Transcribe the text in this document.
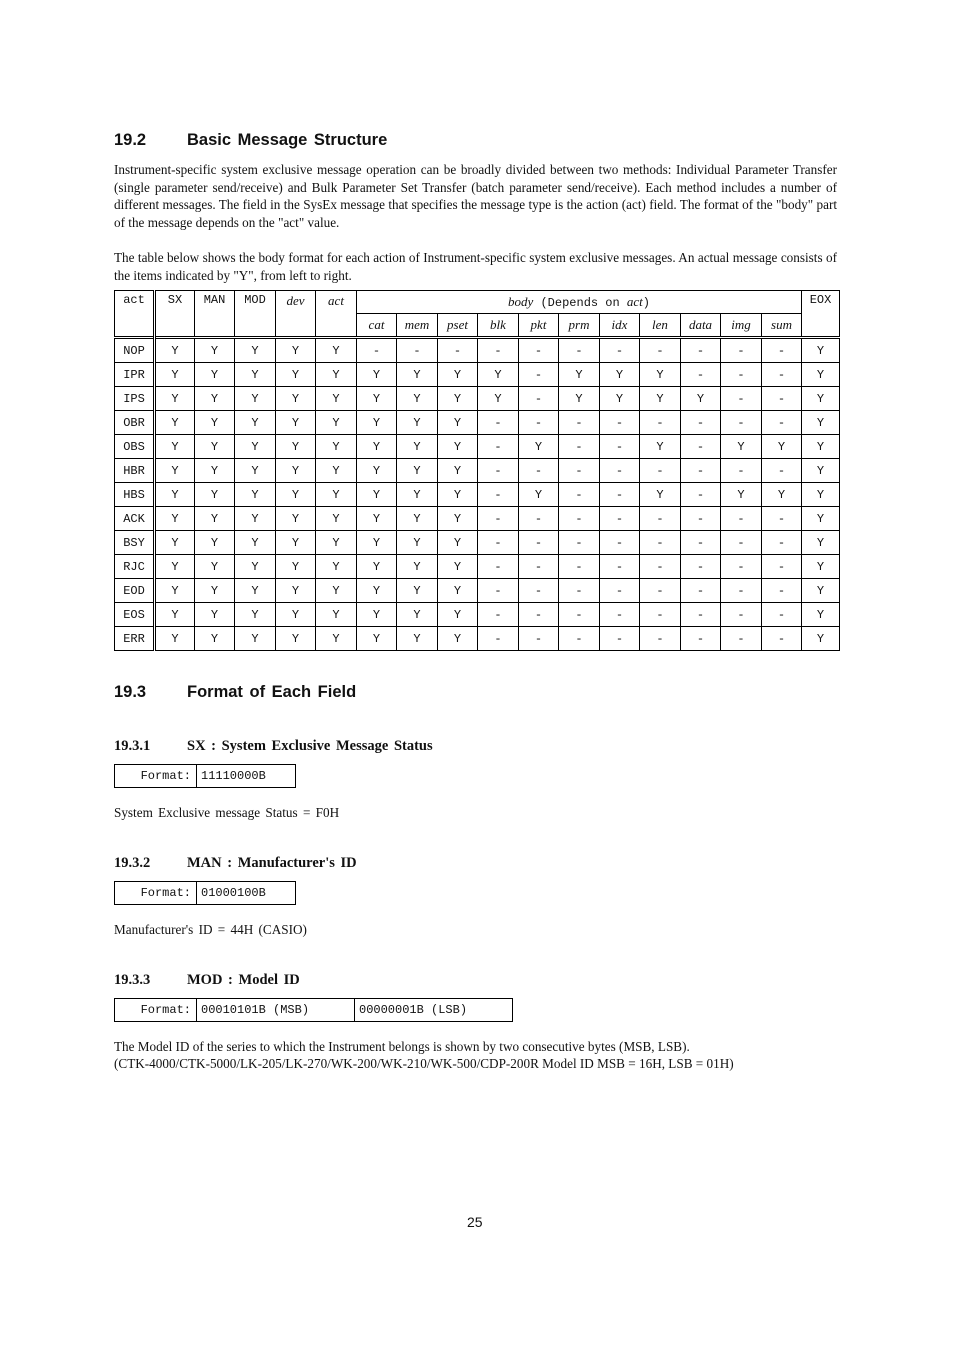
19.2 Basic Message Structure

Instrument-specific system exclusive message operation can be broadly divided between two methods: Individual Parameter Transfer (single parameter send/receive) and Bulk Parameter Set Transfer (batch parameter send/receive). Each method includes a number of different messages. The field in the SysEx message that specifies the message type is the action (act) field. The format of the "body" part of the message depends on the "act" value.

The table below shows the body format for each action of Instrument-specific system exclusive messages. An actual message consists of the items indicated by "Y", from left to right.

act	SX	MAN	MOD	dev	act	body (Depends on act)											EOX
						cat	mem	pset	blk	pkt	prm	idx	len	data	img	sum	
NOP	Y	Y	Y	Y	Y	-	-	-	-	-	-	-	-	-	-	-	Y
IPR	Y	Y	Y	Y	Y	Y	Y	Y	Y	-	Y	Y	Y	-	-	-	Y
IPS	Y	Y	Y	Y	Y	Y	Y	Y	Y	-	Y	Y	Y	Y	-	-	Y
OBR	Y	Y	Y	Y	Y	Y	Y	Y	-	-	-	-	-	-	-	-	Y
OBS	Y	Y	Y	Y	Y	Y	Y	Y	-	Y	-	-	Y	-	Y	Y	Y
HBR	Y	Y	Y	Y	Y	Y	Y	Y	-	-	-	-	-	-	-	-	Y
HBS	Y	Y	Y	Y	Y	Y	Y	Y	-	Y	-	-	Y	-	Y	Y	Y
ACK	Y	Y	Y	Y	Y	Y	Y	Y	-	-	-	-	-	-	-	-	Y
BSY	Y	Y	Y	Y	Y	Y	Y	Y	-	-	-	-	-	-	-	-	Y
RJC	Y	Y	Y	Y	Y	Y	Y	Y	-	-	-	-	-	-	-	-	Y
EOD	Y	Y	Y	Y	Y	Y	Y	Y	-	-	-	-	-	-	-	-	Y
EOS	Y	Y	Y	Y	Y	Y	Y	Y	-	-	-	-	-	-	-	-	Y
ERR	Y	Y	Y	Y	Y	Y	Y	Y	-	-	-	-	-	-	-	-	Y
19.3 Format of Each Field
19.3.1	SX : System Exclusive Message Status
Format:	11110000B
System Exclusive message Status = F0H
19.3.2	MAN : Manufacturer's ID
Format:	01000100B
Manufacturer's ID = 44H (CASIO)
19.3.3	MOD : Model ID
Format:	00010101B (MSB)	00000001B (LSB)
The Model ID of the series to which the Instrument belongs is shown by two consecutive bytes (MSB, LSB).
(CTK-4000/CTK-5000/LK-205/LK-270/WK-200/WK-210/WK-500/CDP-200R Model ID MSB = 16H, LSB = 01H)
25
